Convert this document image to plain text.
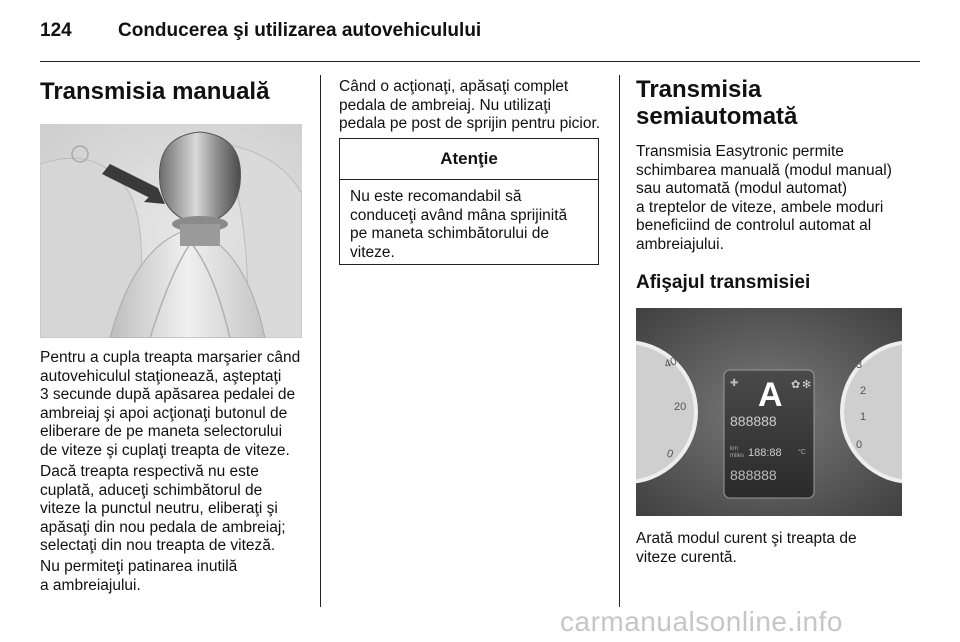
124 Conducerea şi utilizarea autovehiculului
Transmisia manuală
Pentru a cupla treapta marşarier când
autovehiculul staţionează, aşteptaţi
3 secunde după apăsarea pedalei de
ambreiaj şi apoi acţionaţi butonul de
eliberare de pe maneta selectorului
de viteze şi cuplaţi treapta de viteze.
Dacă treapta respectivă nu este
cuplată, aduceţi schimbătorul de
viteze la punctul neutru, eliberaţi şi
apăsaţi din nou pedala de ambreiaj;
selectaţi din nou treapta de viteză.
Nu permiteţi patinarea inutilă
a ambreiajului.
Când o acţionaţi, apăsaţi complet
pedala de ambreiaj. Nu utilizaţi
pedala pe post de sprijin pentru picior.
Atenţie
Nu este recomandabil să
conduceţi având mâna sprijinită
pe maneta schimbătorului de
viteze.
Transmisia
semiautomată
Transmisia Easytronic permite
schimbarea manuală (modul manual)
sau automată (modul automat)
a treptelor de viteze, ambele moduri
beneficiind de controlul automat al
ambreiajului.
Afişajul transmisiei
40
20
0
3
2
1
0
A
✚	✿ ✻
888888
km
miles 188:88 °C
888888
Arată modul curent şi treapta de
viteze curentă.
carmanualsonline.info
